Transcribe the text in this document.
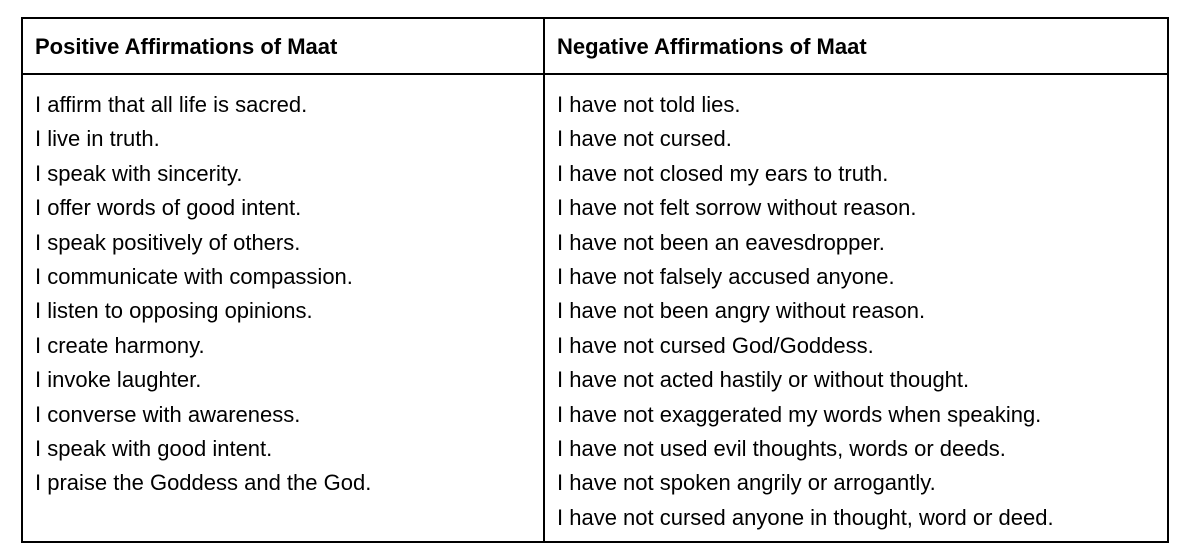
Positive Affirmations of Maat	Negative Affirmations of Maat
I affirm that all life is sacred.
I live in truth.
I speak with sincerity.
I offer words of good intent.
I speak positively of others.
I communicate with compassion.
I listen to opposing opinions.
I create harmony.
I invoke laughter.
I converse with awareness.
I speak with good intent.
I praise the Goddess and the God.
I have not told lies.
I have not cursed.
I have not closed my ears to truth.
I have not felt sorrow without reason.
I have not been an eavesdropper.
I have not falsely accused anyone.
I have not been angry without reason.
I have not cursed God/Goddess.
I have not acted hastily or without thought.
I have not exaggerated my words when speaking.
I have not used evil thoughts, words or deeds.
I have not spoken angrily or arrogantly.
I have not cursed anyone in thought, word or deed.
